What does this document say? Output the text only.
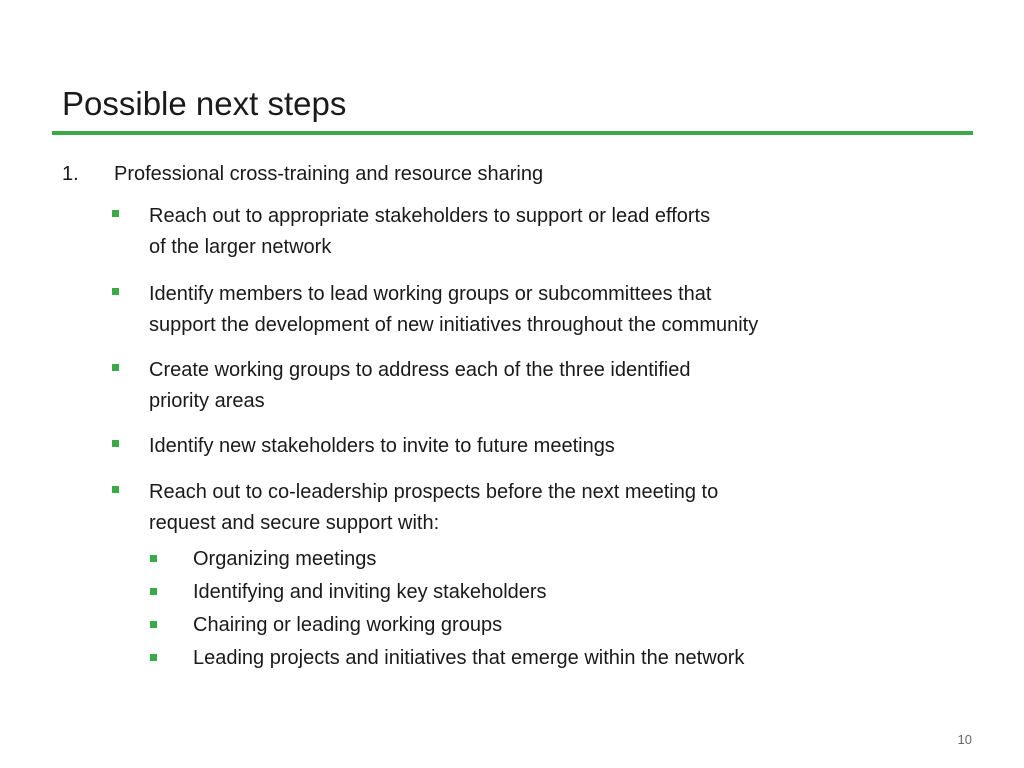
Possible next steps
1. Professional cross-training and resource sharing
Reach out to appropriate stakeholders to support or lead efforts
of the larger network
Identify members to lead working groups or subcommittees that
support the development of new initiatives throughout the community
Create working groups to address each of the three identified
priority areas
Identify new stakeholders to invite to future meetings
Reach out to co-leadership prospects before the next meeting to
request and secure support with:
Organizing meetings
Identifying and inviting key stakeholders
Chairing or leading working groups
Leading projects and initiatives that emerge within the network
10
